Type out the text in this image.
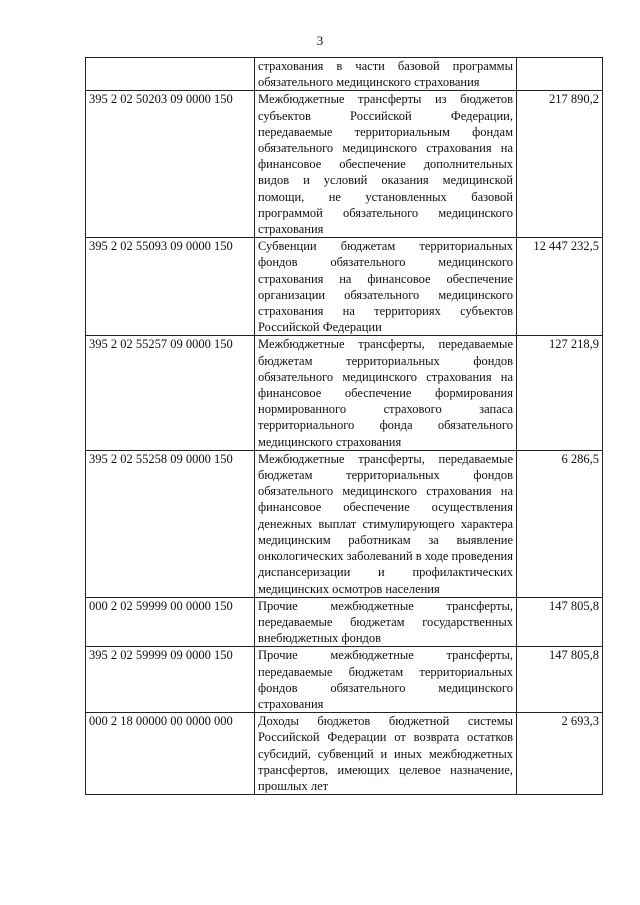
3
	страхования в части базовой программы обязательного медицинского страхования	
395 2 02 50203 09 0000 150	Межбюджетные трансферты из бюджетов субъектов Российской Федерации, передаваемые территориальным фондам обязательного медицинского страхования на финансовое обеспечение дополнительных видов и условий оказания медицинской помощи, не установленных базовой программой обязательного медицинского страхования	217 890,2
395 2 02 55093 09 0000 150	Субвенции бюджетам территориальных фондов обязательного медицинского страхования на финансовое обеспечение организации обязательного медицинского страхования на территориях субъектов Российской Федерации	12 447 232,5
395 2 02 55257 09 0000 150	Межбюджетные трансферты, передаваемые бюджетам территориальных фондов обязательного медицинского страхования на финансовое обеспечение формирования нормированного страхового запаса территориального фонда обязательного медицинского страхования	127 218,9
395 2 02 55258 09 0000 150	Межбюджетные трансферты, передаваемые бюджетам территориальных фондов обязательного медицинского страхования на финансовое обеспечение осуществления денежных выплат стимулирующего характера медицинским работникам за выявление онкологических заболеваний в ходе проведения диспансеризации и профилактических медицинских осмотров населения	6 286,5
000 2 02 59999 00 0000 150	Прочие межбюджетные трансферты, передаваемые бюджетам государственных внебюджетных фондов	147 805,8
395 2 02 59999 09 0000 150	Прочие межбюджетные трансферты, передаваемые бюджетам территориальных фондов обязательного медицинского страхования	147 805,8
000 2 18 00000 00 0000 000	Доходы бюджетов бюджетной системы Российской Федерации от возврата остатков субсидий, субвенций и иных межбюджетных трансфертов, имеющих целевое назначение, прошлых лет	2 693,3
